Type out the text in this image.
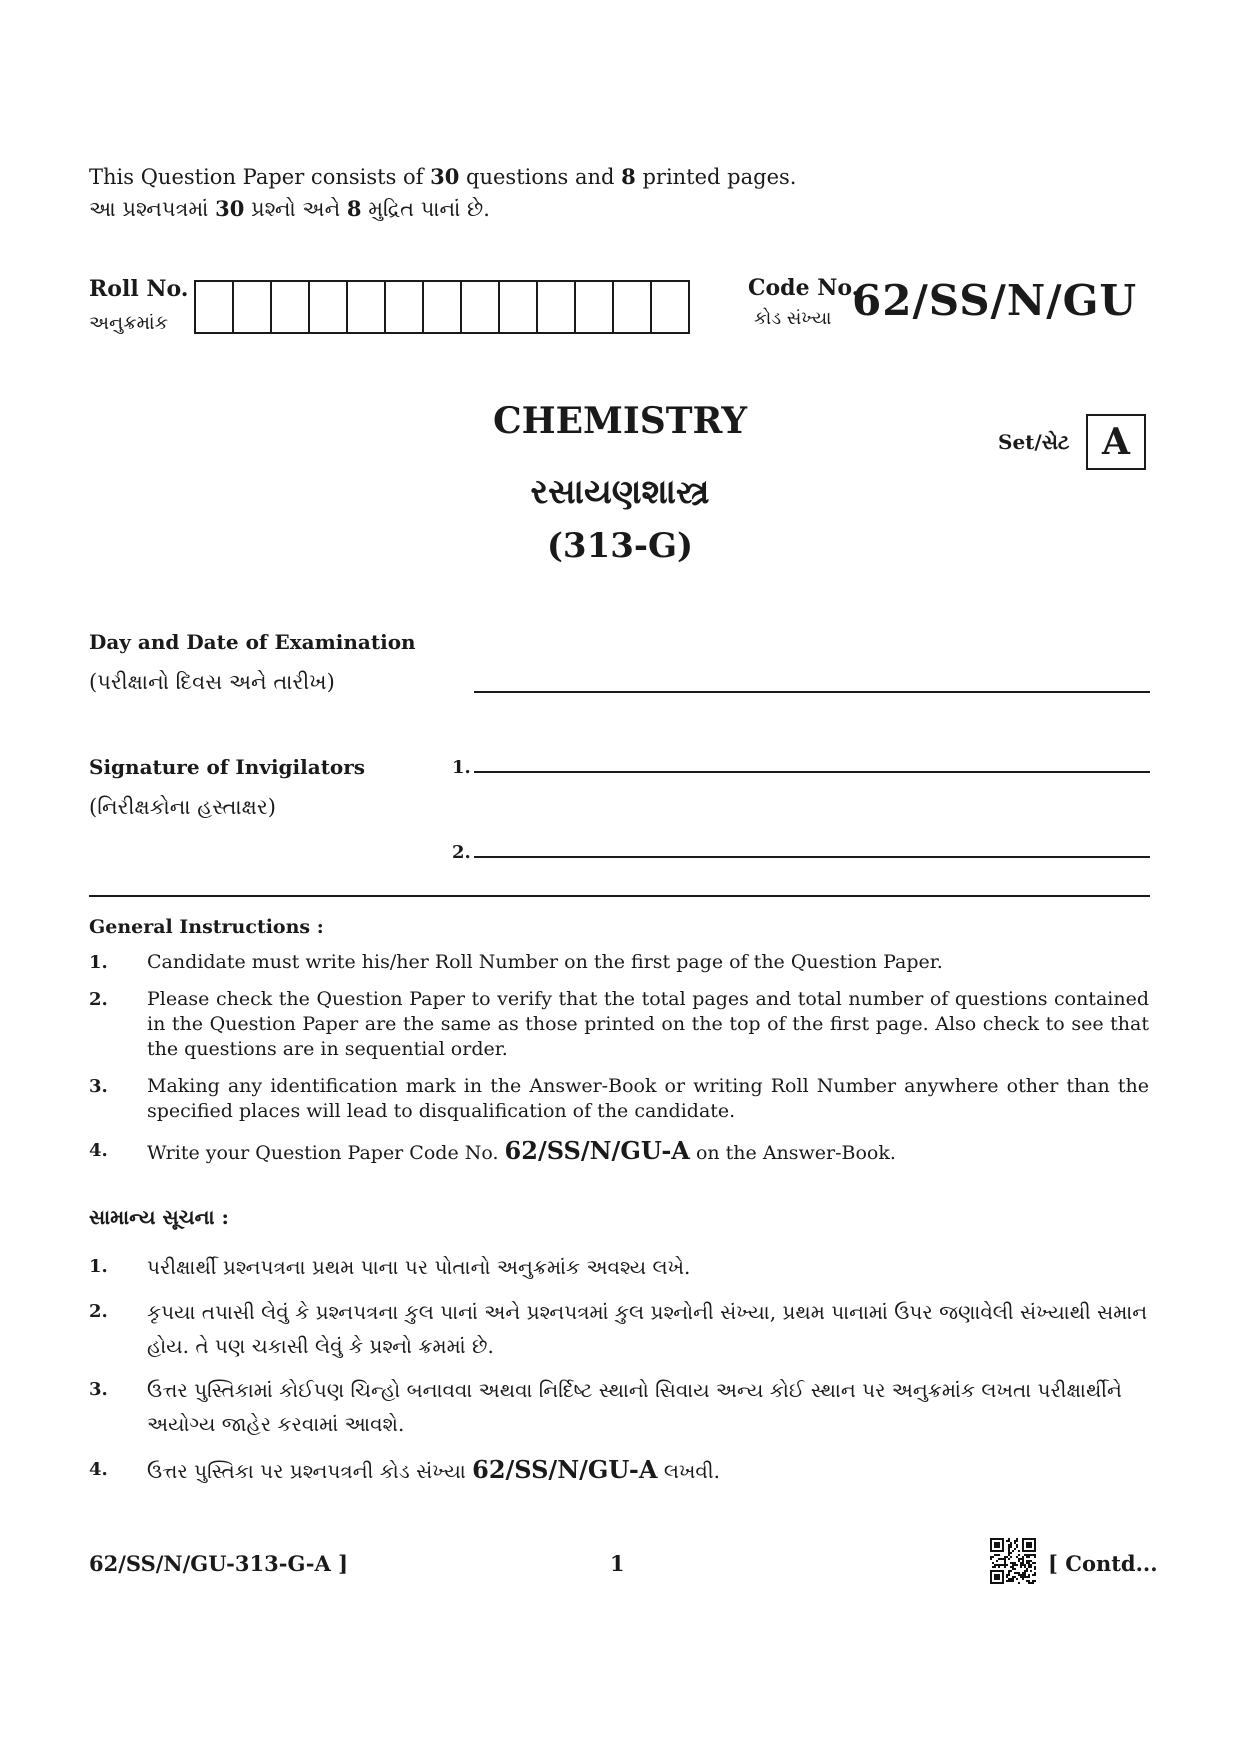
This Question Paper consists of 30 questions and 8 printed pages.
આ પ્રશ્નપત્રમાં 30 પ્રશ્નો અને 8 મુદ્રિત પાનાં છે.
Roll No.
અનુક્રમાંક
Code No.
કોડ સંખ્યા 62/SS/N/GU
CHEMISTRY
રસાયણશાસ્ત્ર
(313-G)
Set/સેટ A
Day and Date of Examination
(પરીક્ષાનો દિવસ અને તારીખ)
Signature of Invigilators
(નિરીક્ષકોના હસ્તાક્ષર)
1.
2.
General Instructions :
1.	Candidate must write his/her Roll Number on the first page of the Question Paper.
2.	Please check the Question Paper to verify that the total pages and total number of questions contained in the Question Paper are the same as those printed on the top of the first page. Also check to see that the questions are in sequential order.
3.	Making any identification mark in the Answer-Book or writing Roll Number anywhere other than the specified places will lead to disqualification of the candidate.
4.	Write your Question Paper Code No. 62/SS/N/GU-A on the Answer-Book.
સામાન્ય સૂચના :
1.	પરીક્ષાર્થી પ્રશ્નપત્રના પ્રથમ પાના પર પોતાનો અનુક્રમાંક અવશ્ય લખે.
2.	કૃપયા તપાસી લેવું કે પ્રશ્નપત્રના કુલ પાનાં અને પ્રશ્નપત્રમાં કુલ પ્રશ્નોની સંખ્યા, પ્રથમ પાનામાં ઉપર જણાવેલી સંખ્યાથી સમાન હોય. તે પણ ચકાસી લેવું કે પ્રશ્નો ક્રમમાં છે.
3.	ઉત્તર પુસ્તિકામાં કોઈપણ ચિન્હો બનાવવા અથવા નિર્દિષ્ટ સ્થાનો સિવાય અન્ય કોઈ સ્થાન પર અનુક્રમાંક લખતા પરીક્ષાર્થીને અયોગ્ય જાહેર કરવામાં આવશે.
4.	ઉત્તર પુસ્તિકા પર પ્રશ્નપત્રની કોડ સંખ્યા 62/SS/N/GU-A લખવી.
62/SS/N/GU-313-G-A ]	1	[ Contd...
